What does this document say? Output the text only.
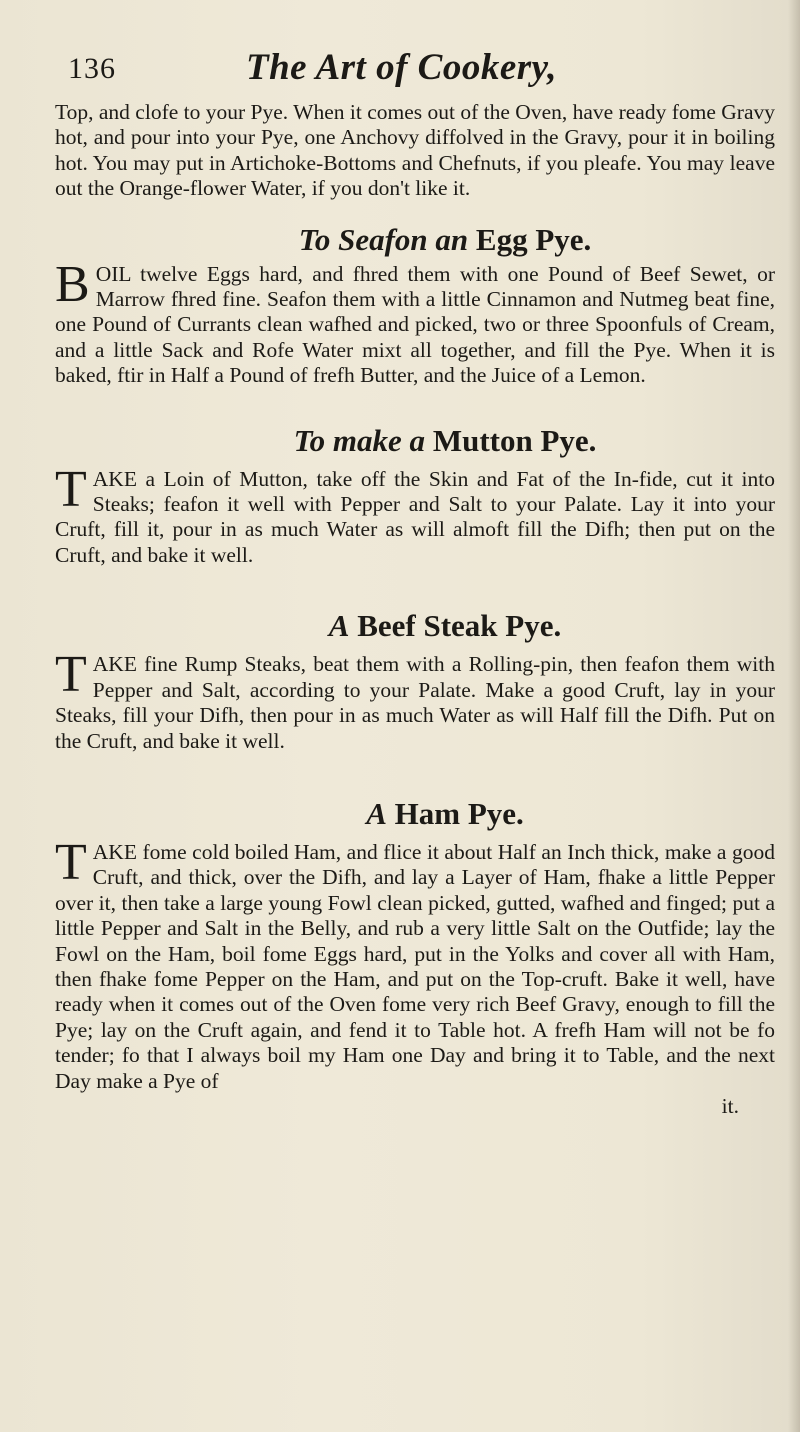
136	The Art of Cookery,

Top, and clofe to your Pye. When it comes out of the Oven, have ready fome Gravy hot, and pour into your Pye, one Anchovy diffolved in the Gravy, pour it in boiling hot. You may put in Artichoke-Bottoms and Chefnuts, if you pleafe. You may leave out the Orange-flower Water, if you don't like it.

To Seafon an Egg Pye.

BOIL twelve Eggs hard, and fhred them with one Pound of Beef Sewet, or Marrow fhred fine. Seafon them with a little Cinnamon and Nutmeg beat fine, one Pound of Currants clean wafhed and picked, two or three Spoonfuls of Cream, and a little Sack and Rofe Water mixt all together, and fill the Pye. When it is baked, ftir in Half a Pound of frefh Butter, and the Juice of a Lemon.

To make a Mutton Pye.

TAKE a Loin of Mutton, take off the Skin and Fat of the In-fide, cut it into Steaks; feafon it well with Pepper and Salt to your Palate. Lay it into your Cruft, fill it, pour in as much Water as will almoft fill the Difh; then put on the Cruft, and bake it well.

A Beef Steak Pye.

TAKE fine Rump Steaks, beat them with a Rolling-pin, then feafon them with Pepper and Salt, according to your Palate. Make a good Cruft, lay in your Steaks, fill your Difh, then pour in as much Water as will Half fill the Difh. Put on the Cruft, and bake it well.

A Ham Pye.

TAKE fome cold boiled Ham, and flice it about Half an Inch thick, make a good Cruft, and thick, over the Difh, and lay a Layer of Ham, fhake a little Pepper over it, then take a large young Fowl clean picked, gutted, wafhed and finged; put a little Pepper and Salt in the Belly, and rub a very little Salt on the Outfide; lay the Fowl on the Ham, boil fome Eggs hard, put in the Yolks and cover all with Ham, then fhake fome Pepper on the Ham, and put on the Top-cruft. Bake it well, have ready when it comes out of the Oven fome very rich Beef Gravy, enough to fill the Pye; lay on the Cruft again, and fend it to Table hot. A frefh Ham will not be fo tender; fo that I always boil my Ham one Day and bring it to Table, and the next Day make a Pye of

it.
